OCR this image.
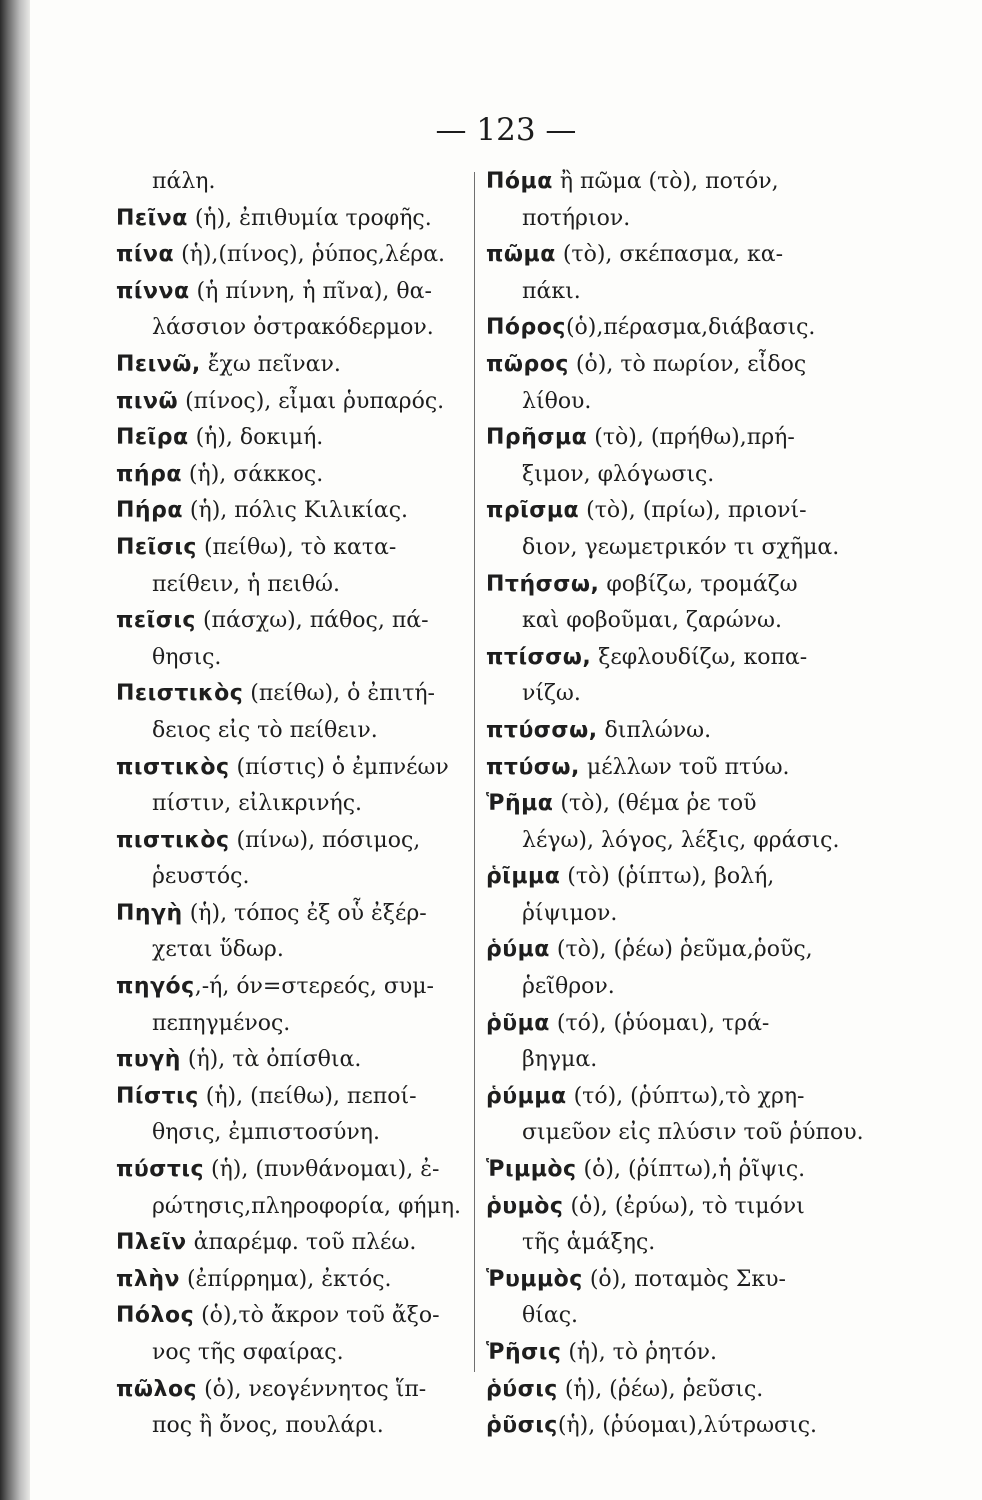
— 123 —
πάλη.
Πεῖνα (ἡ), ἐπιθυμία τροφῆς.
πίνα (ἡ),(πίνος), ῥύπος,λέρα.
πίννα (ἡ πίννη, ἡ πῖνα), θα-
λάσσιον ὀστρακόδερμον.
Πεινῶ, ἔχω πεῖναν.
πινῶ (πίνος), εἶμαι ῥυπαρός.
Πεῖρα (ἡ), δοκιμή.
πήρα (ἡ), σάκκος.
Πήρα (ἡ), πόλις Κιλικίας.
Πεῖσις (πείθω), τὸ κατα-
πείθειν, ἡ πειθώ.
πεῖσις (πάσχω), πάθος, πά-
θησις.
Πειστικὸς (πείθω), ὁ ἐπιτή-
δειος εἰς τὸ πείθειν.
πιστικὸς (πίστις) ὁ ἐμπνέων
πίστιν, εἰλικρινής.
πιστικὸς (πίνω), πόσιμος,
ῥευστός.
Πηγὴ (ἡ), τόπος ἐξ οὗ ἐξέρ-
χεται ὕδωρ.
πηγός,-ή, όν=στερεός, συμ-
πεπηγμένος.
πυγὴ (ἡ), τὰ ὀπίσθια.
Πίστις (ἡ), (πείθω), πεποί-
θησις, ἐμπιστοσύνη.
πύστις (ἡ), (πυνθάνομαι), ἐ-
ρώτησις,πληροφορία, φήμη.
Πλεῖν ἀπαρέμφ. τοῦ πλέω.
πλὴν (ἐπίρρημα), ἐκτός.
Πόλος (ὁ),τὸ ἄκρον τοῦ ἄξο-
νος τῆς σφαίρας.
πῶλος (ὁ), νεογέννητος ἵπ-
πος ἢ ὄνος, πουλάρι.
Πόμα ἢ πῶμα (τὸ), ποτόν,
ποτήριον.
πῶμα (τὸ), σκέπασμα, κα-
πάκι.
Πόρος(ὁ),πέρασμα,διάβασις.
πῶρος (ὁ), τὸ πωρίον, εἶδος
λίθου.
Πρῆσμα (τὸ), (πρήθω),πρή-
ξιμον, φλόγωσις.
πρῖσμα (τὸ), (πρίω), πριονί-
διον, γεωμετρικόν τι σχῆμα.
Πτήσσω, φοβίζω, τρομάζω
καὶ φοβοῦμαι, ζαρώνω.
πτίσσω, ξεφλουδίζω, κοπα-
νίζω.
πτύσσω, διπλώνω.
πτύσω, μέλλων τοῦ πτύω.
Ῥῆμα (τὸ), (θέμα ῥε τοῦ
λέγω), λόγος, λέξις, φράσις.
ῥῖμμα (τὸ) (ῥίπτω), βολή,
ῥίψιμον.
ῥύμα (τὸ), (ῥέω) ῥεῦμα,ῥοῦς,
ῥεῖθρον.
ῥῦμα (τό), (ῥύομαι), τρά-
βηγμα.
ῥύμμα (τό), (ῥύπτω),τὸ χρη-
σιμεῦον εἰς πλύσιν τοῦ ῥύπου.
Ῥιμμὸς (ὁ), (ῥίπτω),ἡ ῥῖψις.
ῥυμὸς (ὁ), (ἐρύω), τὸ τιμόνι
τῆς ἁμάξης.
Ῥυμμὸς (ὁ), ποταμὸς Σκυ-
θίας.
Ῥῆσις (ἡ), τὸ ῥητόν.
ῥύσις (ἡ), (ῥέω), ῥεῦσις.
ῥῦσις(ἡ), (ῥύομαι),λύτρωσις.
